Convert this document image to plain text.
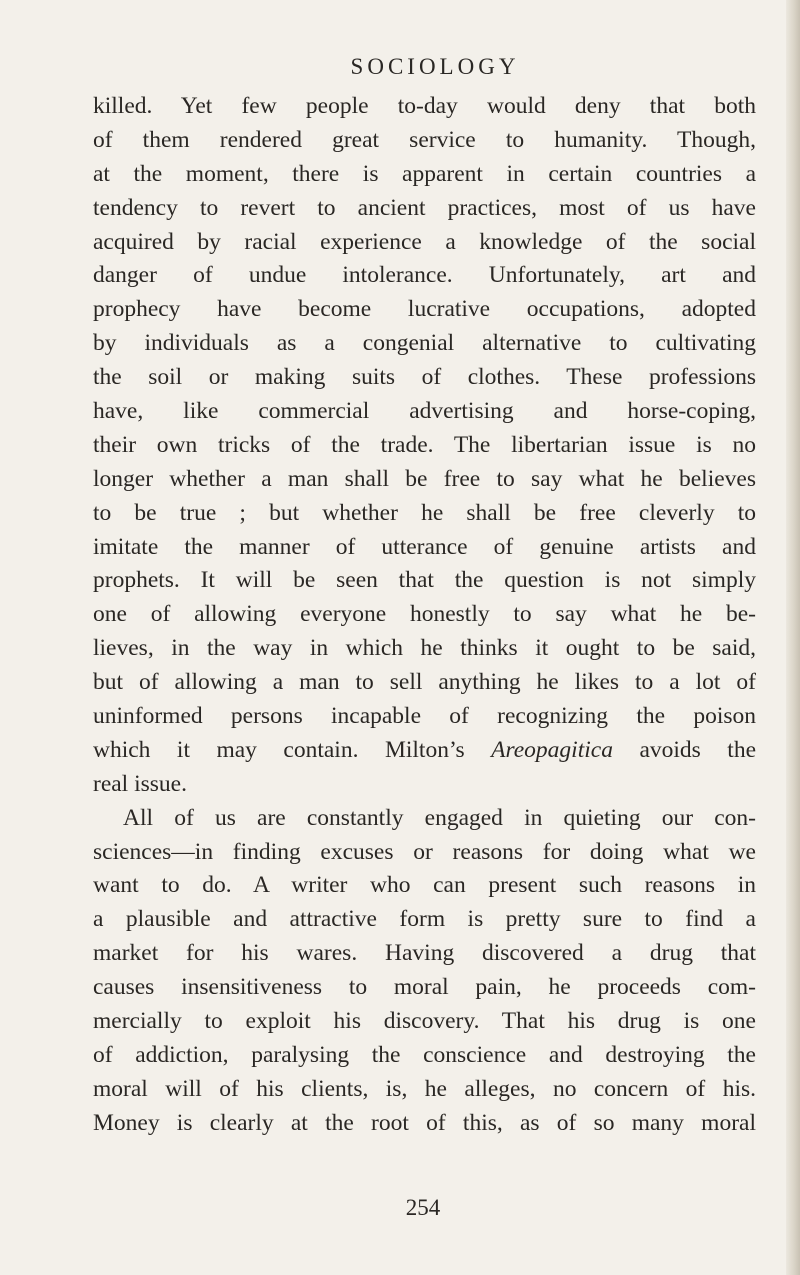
SOCIOLOGY
killed. Yet few people to-day would deny that both
of them rendered great service to humanity. Though,
at the moment, there is apparent in certain countries a
tendency to revert to ancient practices, most of us have
acquired by racial experience a knowledge of the social
danger of undue intolerance. Unfortunately, art and
prophecy have become lucrative occupations, adopted
by individuals as a congenial alternative to cultivating
the soil or making suits of clothes. These professions
have, like commercial advertising and horse-coping,
their own tricks of the trade. The libertarian issue is no
longer whether a man shall be free to say what he believes
to be true ; but whether he shall be free cleverly to
imitate the manner of utterance of genuine artists and
prophets. It will be seen that the question is not simply
one of allowing everyone honestly to say what he be-
lieves, in the way in which he thinks it ought to be said,
but of allowing a man to sell anything he likes to a lot of
uninformed persons incapable of recognizing the poison
which it may contain. Milton’s Areopagitica avoids the
real issue.
All of us are constantly engaged in quieting our con-
sciences—in finding excuses or reasons for doing what we
want to do. A writer who can present such reasons in
a plausible and attractive form is pretty sure to find a
market for his wares. Having discovered a drug that
causes insensitiveness to moral pain, he proceeds com-
mercially to exploit his discovery. That his drug is one
of addiction, paralysing the conscience and destroying the
moral will of his clients, is, he alleges, no concern of his.
Money is clearly at the root of this, as of so many moral
254
